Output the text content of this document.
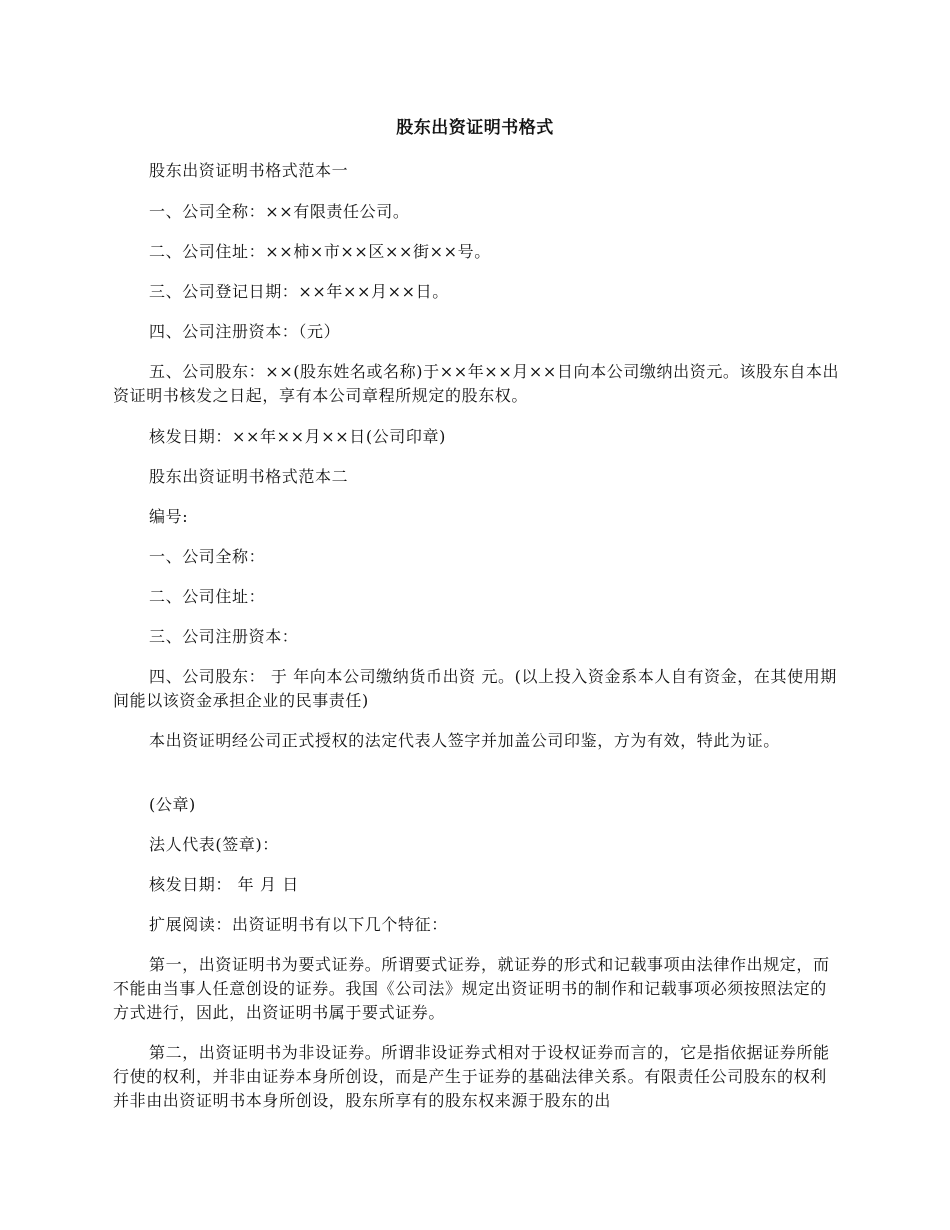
股东出资证明书格式

股东出资证明书格式范本一

一、公司全称：××有限责任公司。

二、公司住址：××柿×市××区××街××号。

三、公司登记日期：××年××月××日。

四、公司注册资本：（元）

五、公司股东：××(股东姓名或名称)于××年××月××日向本公司缴纳出资元。该股东自本出资证明书核发之日起，享有本公司章程所规定的股东权。

核发日期：××年××月××日(公司印章)

股东出资证明书格式范本二

编号:

一、公司全称：

二、公司住址：

三、公司注册资本：

四、公司股东： 于 年向本公司缴纳货币出资 元。(以上投入资金系本人自有资金，在其使用期间能以该资金承担企业的民事责任)

本出资证明经公司正式授权的法定代表人签字并加盖公司印鉴，方为有效，特此为证。

(公章)

法人代表(签章)：

核发日期： 年 月 日

扩展阅读：出资证明书有以下几个特征：

第一，出资证明书为要式证券。所谓要式证券，就证券的形式和记载事项由法律作出规定，而不能由当事人任意创设的证券。我国《公司法》规定出资证明书的制作和记载事项必须按照法定的方式进行，因此，出资证明书属于要式证券。

第二，出资证明书为非设证券。所谓非设证券式相对于设权证券而言的，它是指依据证券所能行使的权利，并非由证券本身所创设，而是产生于证券的基础法律关系。有限责任公司股东的权利并非由出资证明书本身所创设，股东所享有的股东权来源于股东的出
